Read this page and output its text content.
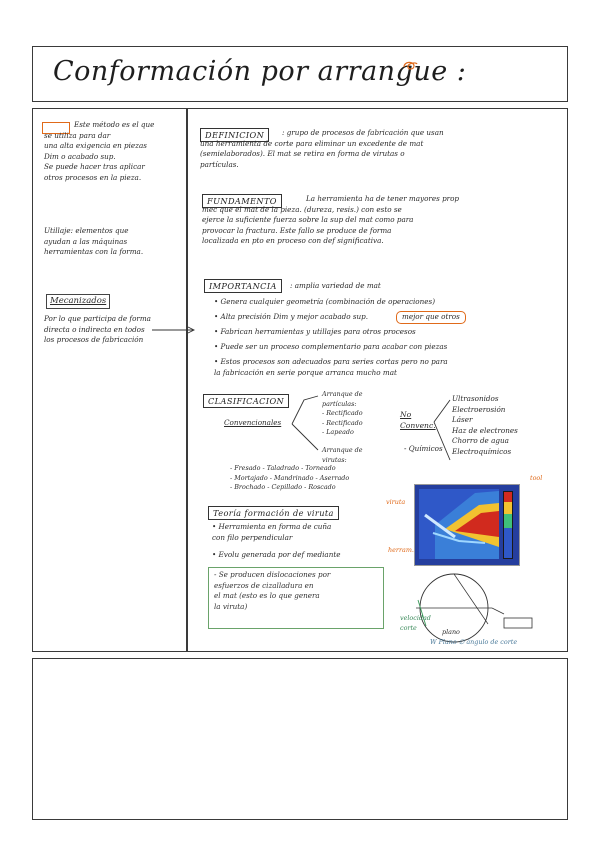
Conformación por arrangue :
Este método es el que
se utiliza para dar
una alta exigencia en piezas
Dim o acabado sup.
Se puede hacer tras aplicar
otros procesos en la pieza.
Utillaje: elementos que
ayudan a las máquinas
herramientas con la forma.
Mecanizados
Por lo que participa de forma
directa o indirecta en todos
los procesos de fabricación
DEFINICION	: grupo de procesos de fabricación que usan
una herramienta de corte para eliminar un excedente de mat
(semielaborados). El mat se retira en forma de virutas o
partículas.
FUNDAMENTO	La herramienta ha de tener mayores prop
mec que el mat de la pieza. (dureza, resis.) con esto se
ejerce la suficiente fuerza sobre la sup del mat como para
provocar la fractura. Este fallo se produce de forma
localizada en pto en proceso con def significativa.
IMPORTANCIA	: amplia variedad de mat
• Genera cualquier geometría (combinación de operaciones)
• Alta precisión Dim y mejor acabado sup.	mejor que otros
• Fabrican herramientas y utillajes para otros procesos
• Puede ser un proceso complementario para acabar con piezas
• Estos procesos son adecuados para series cortas pero no para
la fabricación en serie porque arranca mucho mat
CLASIFICACION
Convencionales
Arranque de
partículas:
- Rectificado
- Rectificado
- Lapeado
Arranque de
virutas:
- Fresado - Taladrado - Torneado
- Mortajado - Mandrinado - Aserrado
- Brochado - Cepillado - Roscado
No
Convenc.
- Químicos
Ultrasonidos
Electroerosión
Láser
Haz de electrones
Chorro de agua
Electroquímicos
Teoría formación de viruta
• Herramienta en forma de cuña
con filo perpendicular
• Evolu generada por def mediante
- Se producen dislocaciones por
esfuerzos de cizalladura en
el mat (esto es lo que genera
la viruta)
viruta
herram.
tool
velocidad
corte
plano
W Plano ∅ ángulo de corte
